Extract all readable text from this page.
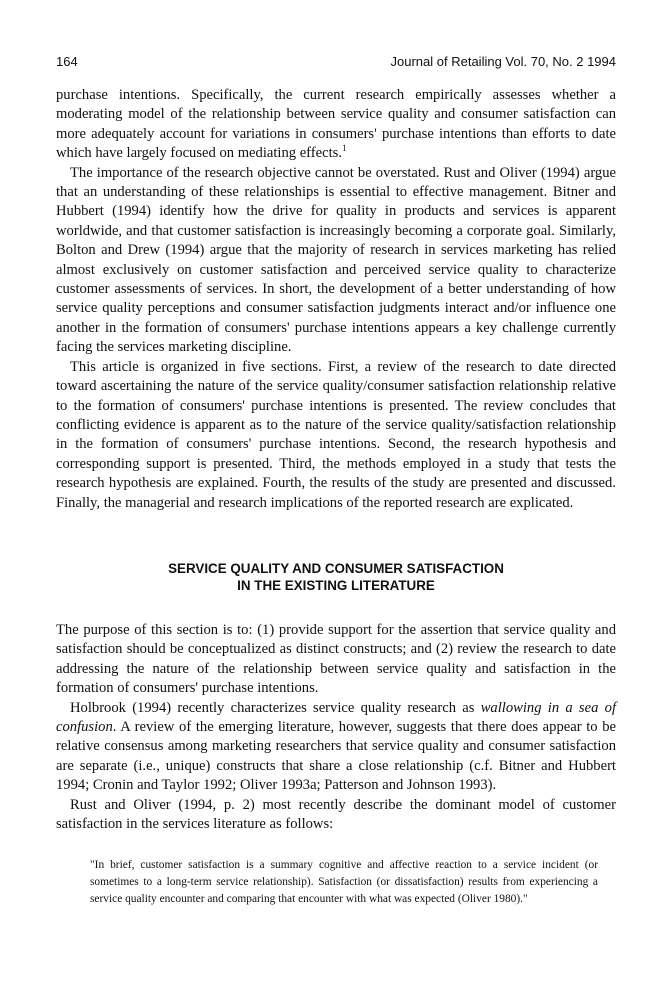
164	Journal of Retailing Vol. 70, No. 2 1994

purchase intentions. Specifically, the current research empirically assesses whether a moderating model of the relationship between service quality and consumer satisfaction can more adequately account for variations in consumers' purchase intentions than efforts to date which have largely focused on mediating effects.$^1$

The importance of the research objective cannot be overstated. Rust and Oliver (1994) argue that an understanding of these relationships is essential to effective management. Bitner and Hubbert (1994) identify how the drive for quality in products and services is apparent worldwide, and that customer satisfaction is increasingly becoming a corporate goal. Similarly, Bolton and Drew (1994) argue that the majority of research in services marketing has relied almost exclusively on customer satisfaction and perceived service quality to characterize customer assessments of services. In short, the development of a better understanding of how service quality perceptions and consumer satisfaction judgments interact and/or influence one another in the formation of consumers' purchase intentions appears a key challenge currently facing the services marketing discipline.

This article is organized in five sections. First, a review of the research to date directed toward ascertaining the nature of the service quality/consumer satisfaction relationship relative to the formation of consumers' purchase intentions is presented. The review concludes that conflicting evidence is apparent as to the nature of the service quality/satisfaction relationship in the formation of consumers' purchase intentions. Second, the research hypothesis and corresponding support is presented. Third, the methods employed in a study that tests the research hypothesis are explained. Fourth, the results of the study are presented and discussed. Finally, the managerial and research implications of the reported research are explicated.

SERVICE QUALITY AND CONSUMER SATISFACTION
IN THE EXISTING LITERATURE

The purpose of this section is to: (1) provide support for the assertion that service quality and satisfaction should be conceptualized as distinct constructs; and (2) review the research to date addressing the nature of the relationship between service quality and satisfaction in the formation of consumers' purchase intentions.

Holbrook (1994) recently characterizes service quality research as wallowing in a sea of confusion. A review of the emerging literature, however, suggests that there does appear to be relative consensus among marketing researchers that service quality and consumer satisfaction are separate (i.e., unique) constructs that share a close relationship (c.f. Bitner and Hubbert 1994; Cronin and Taylor 1992; Oliver 1993a; Patterson and Johnson 1993).

Rust and Oliver (1994, p. 2) most recently describe the dominant model of customer satisfaction in the services literature as follows:

"In brief, customer satisfaction is a summary cognitive and affective reaction to a service incident (or sometimes to a long-term service relationship). Satisfaction (or dissatisfaction) results from experiencing a service quality encounter and comparing that encounter with what was expected (Oliver 1980)."
